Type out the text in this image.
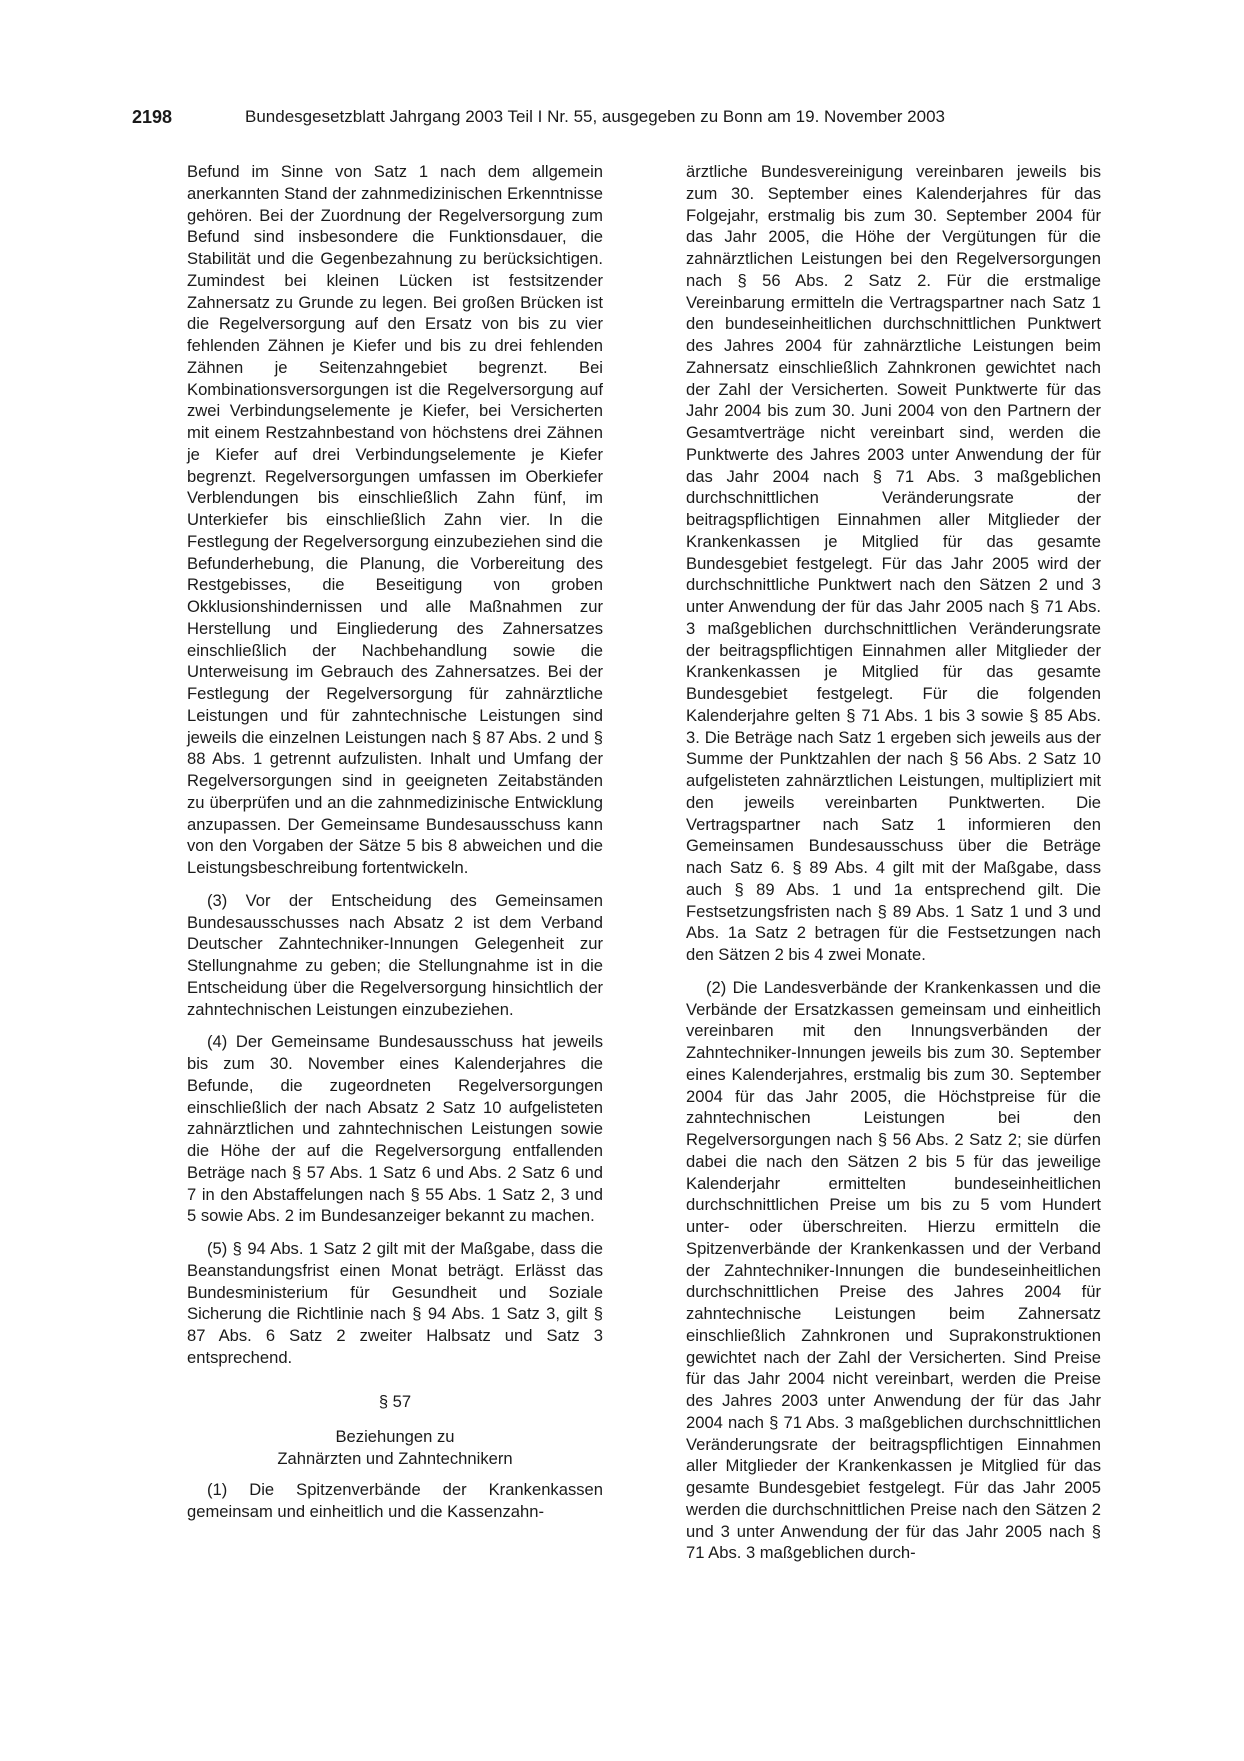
2198	Bundesgesetzblatt Jahrgang 2003 Teil I Nr. 55, ausgegeben zu Bonn am 19. November 2003

Befund im Sinne von Satz 1 nach dem allgemein anerkannten Stand der zahnmedizinischen Erkenntnisse gehören. Bei der Zuordnung der Regelversorgung zum Befund sind insbesondere die Funktionsdauer, die Stabilität und die Gegenbezahnung zu berücksichtigen. Zumindest bei kleinen Lücken ist festsitzender Zahnersatz zu Grunde zu legen. Bei großen Brücken ist die Regelversorgung auf den Ersatz von bis zu vier fehlenden Zähnen je Kiefer und bis zu drei fehlenden Zähnen je Seitenzahngebiet begrenzt. Bei Kombinationsversorgungen ist die Regelversorgung auf zwei Verbindungselemente je Kiefer, bei Versicherten mit einem Restzahnbestand von höchstens drei Zähnen je Kiefer auf drei Verbindungselemente je Kiefer begrenzt. Regelversorgungen umfassen im Oberkiefer Verblendungen bis einschließlich Zahn fünf, im Unterkiefer bis einschließlich Zahn vier. In die Festlegung der Regelversorgung einzubeziehen sind die Befunderhebung, die Planung, die Vorbereitung des Restgebisses, die Beseitigung von groben Okklusionshindernissen und alle Maßnahmen zur Herstellung und Eingliederung des Zahnersatzes einschließlich der Nachbehandlung sowie die Unterweisung im Gebrauch des Zahnersatzes. Bei der Festlegung der Regelversorgung für zahnärztliche Leistungen und für zahntechnische Leistungen sind jeweils die einzelnen Leistungen nach § 87 Abs. 2 und § 88 Abs. 1 getrennt aufzulisten. Inhalt und Umfang der Regelversorgungen sind in geeigneten Zeitabständen zu überprüfen und an die zahnmedizinische Entwicklung anzupassen. Der Gemeinsame Bundesausschuss kann von den Vorgaben der Sätze 5 bis 8 abweichen und die Leistungsbeschreibung fortentwickeln.

(3) Vor der Entscheidung des Gemeinsamen Bundesausschusses nach Absatz 2 ist dem Verband Deutscher Zahntechniker-Innungen Gelegenheit zur Stellungnahme zu geben; die Stellungnahme ist in die Entscheidung über die Regelversorgung hinsichtlich der zahntechnischen Leistungen einzubeziehen.

(4) Der Gemeinsame Bundesausschuss hat jeweils bis zum 30. November eines Kalenderjahres die Befunde, die zugeordneten Regelversorgungen einschließlich der nach Absatz 2 Satz 10 aufgelisteten zahnärztlichen und zahntechnischen Leistungen sowie die Höhe der auf die Regelversorgung entfallenden Beträge nach § 57 Abs. 1 Satz 6 und Abs. 2 Satz 6 und 7 in den Abstaffelungen nach § 55 Abs. 1 Satz 2, 3 und 5 sowie Abs. 2 im Bundesanzeiger bekannt zu machen.

(5) § 94 Abs. 1 Satz 2 gilt mit der Maßgabe, dass die Beanstandungsfrist einen Monat beträgt. Erlässt das Bundesministerium für Gesundheit und Soziale Sicherung die Richtlinie nach § 94 Abs. 1 Satz 3, gilt § 87 Abs. 6 Satz 2 zweiter Halbsatz und Satz 3 entsprechend.

§ 57
Beziehungen zu
Zahnärzten und Zahntechnikern

(1) Die Spitzenverbände der Krankenkassen gemeinsam und einheitlich und die Kassenzahn-

ärztliche Bundesvereinigung vereinbaren jeweils bis zum 30. September eines Kalenderjahres für das Folgejahr, erstmalig bis zum 30. September 2004 für das Jahr 2005, die Höhe der Vergütungen für die zahnärztlichen Leistungen bei den Regelversorgungen nach § 56 Abs. 2 Satz 2. Für die erstmalige Vereinbarung ermitteln die Vertragspartner nach Satz 1 den bundeseinheitlichen durchschnittlichen Punktwert des Jahres 2004 für zahnärztliche Leistungen beim Zahnersatz einschließlich Zahnkronen gewichtet nach der Zahl der Versicherten. Soweit Punktwerte für das Jahr 2004 bis zum 30. Juni 2004 von den Partnern der Gesamtverträge nicht vereinbart sind, werden die Punktwerte des Jahres 2003 unter Anwendung der für das Jahr 2004 nach § 71 Abs. 3 maßgeblichen durchschnittlichen Veränderungsrate der beitragspflichtigen Einnahmen aller Mitglieder der Krankenkassen je Mitglied für das gesamte Bundesgebiet festgelegt. Für das Jahr 2005 wird der durchschnittliche Punktwert nach den Sätzen 2 und 3 unter Anwendung der für das Jahr 2005 nach § 71 Abs. 3 maßgeblichen durchschnittlichen Veränderungsrate der beitragspflichtigen Einnahmen aller Mitglieder der Krankenkassen je Mitglied für das gesamte Bundesgebiet festgelegt. Für die folgenden Kalenderjahre gelten § 71 Abs. 1 bis 3 sowie § 85 Abs. 3. Die Beträge nach Satz 1 ergeben sich jeweils aus der Summe der Punktzahlen der nach § 56 Abs. 2 Satz 10 aufgelisteten zahnärztlichen Leistungen, multipliziert mit den jeweils vereinbarten Punktwerten. Die Vertragspartner nach Satz 1 informieren den Gemeinsamen Bundesausschuss über die Beträge nach Satz 6. § 89 Abs. 4 gilt mit der Maßgabe, dass auch § 89 Abs. 1 und 1a entsprechend gilt. Die Festsetzungsfristen nach § 89 Abs. 1 Satz 1 und 3 und Abs. 1a Satz 2 betragen für die Festsetzungen nach den Sätzen 2 bis 4 zwei Monate.

(2) Die Landesverbände der Krankenkassen und die Verbände der Ersatzkassen gemeinsam und einheitlich vereinbaren mit den Innungsverbänden der Zahntechniker-Innungen jeweils bis zum 30. September eines Kalenderjahres, erstmalig bis zum 30. September 2004 für das Jahr 2005, die Höchstpreise für die zahntechnischen Leistungen bei den Regelversorgungen nach § 56 Abs. 2 Satz 2; sie dürfen dabei die nach den Sätzen 2 bis 5 für das jeweilige Kalenderjahr ermittelten bundeseinheitlichen durchschnittlichen Preise um bis zu 5 vom Hundert unter- oder überschreiten. Hierzu ermitteln die Spitzenverbände der Krankenkassen und der Verband der Zahntechniker-Innungen die bundeseinheitlichen durchschnittlichen Preise des Jahres 2004 für zahntechnische Leistungen beim Zahnersatz einschließlich Zahnkronen und Suprakonstruktionen gewichtet nach der Zahl der Versicherten. Sind Preise für das Jahr 2004 nicht vereinbart, werden die Preise des Jahres 2003 unter Anwendung der für das Jahr 2004 nach § 71 Abs. 3 maßgeblichen durchschnittlichen Veränderungsrate der beitragspflichtigen Einnahmen aller Mitglieder der Krankenkassen je Mitglied für das gesamte Bundesgebiet festgelegt. Für das Jahr 2005 werden die durchschnittlichen Preise nach den Sätzen 2 und 3 unter Anwendung der für das Jahr 2005 nach § 71 Abs. 3 maßgeblichen durch-
